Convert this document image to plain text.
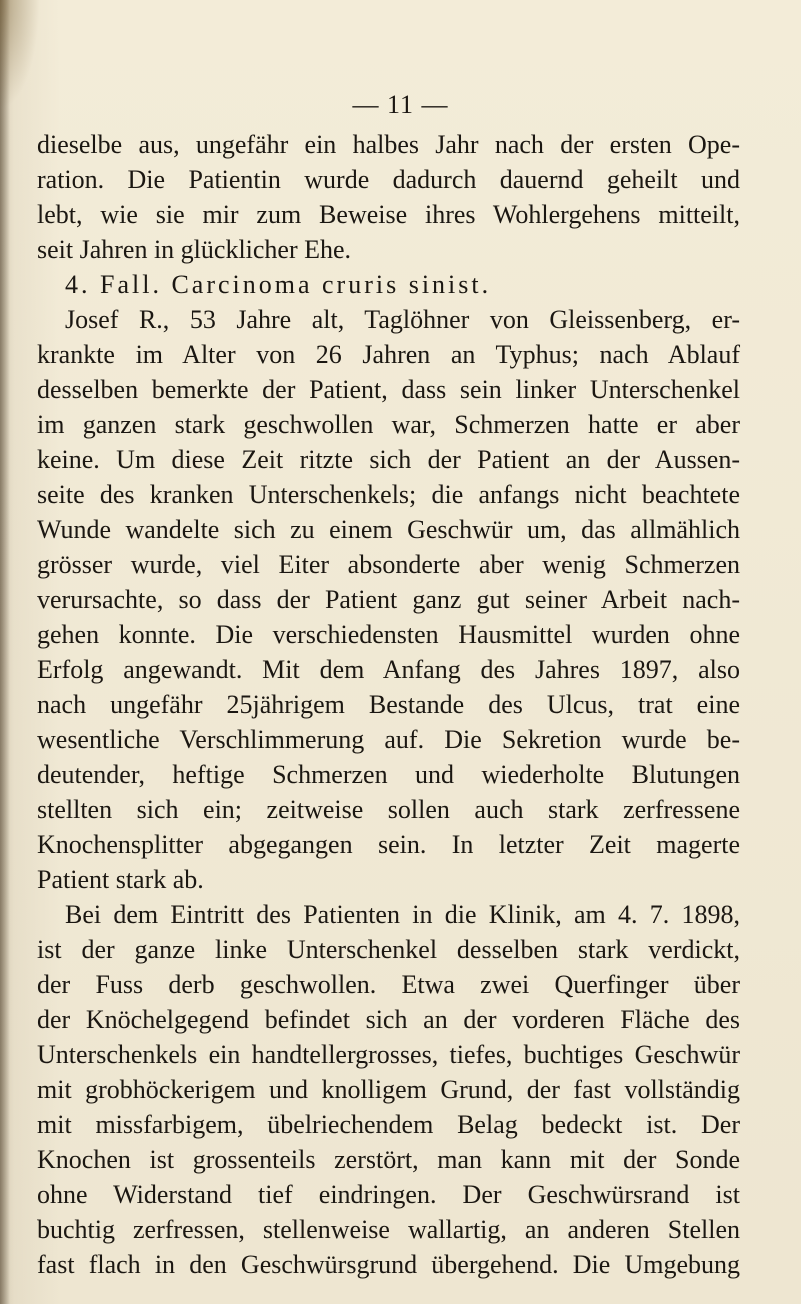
— 11 —
dieselbe aus, ungefähr ein halbes Jahr nach der ersten Ope-
ration. Die Patientin wurde dadurch dauernd geheilt und
lebt, wie sie mir zum Beweise ihres Wohlergehens mitteilt,
seit Jahren in glücklicher Ehe.
4. Fall. Carcinoma cruris sinist.
Josef R., 53 Jahre alt, Taglöhner von Gleissenberg, er-
krankte im Alter von 26 Jahren an Typhus; nach Ablauf
desselben bemerkte der Patient, dass sein linker Unterschenkel
im ganzen stark geschwollen war, Schmerzen hatte er aber
keine. Um diese Zeit ritzte sich der Patient an der Aussen-
seite des kranken Unterschenkels; die anfangs nicht beachtete
Wunde wandelte sich zu einem Geschwür um, das allmählich
grösser wurde, viel Eiter absonderte aber wenig Schmerzen
verursachte, so dass der Patient ganz gut seiner Arbeit nach-
gehen konnte. Die verschiedensten Hausmittel wurden ohne
Erfolg angewandt. Mit dem Anfang des Jahres 1897, also
nach ungefähr 25jährigem Bestande des Ulcus, trat eine
wesentliche Verschlimmerung auf. Die Sekretion wurde be-
deutender, heftige Schmerzen und wiederholte Blutungen
stellten sich ein; zeitweise sollen auch stark zerfressene
Knochensplitter abgegangen sein. In letzter Zeit magerte
Patient stark ab.
Bei dem Eintritt des Patienten in die Klinik, am 4. 7. 1898,
ist der ganze linke Unterschenkel desselben stark verdickt,
der Fuss derb geschwollen. Etwa zwei Querfinger über
der Knöchelgegend befindet sich an der vorderen Fläche des
Unterschenkels ein handtellergrosses, tiefes, buchtiges Geschwür
mit grobhöckerigem und knolligem Grund, der fast vollständig
mit missfarbigem, übelriechendem Belag bedeckt ist. Der
Knochen ist grossenteils zerstört, man kann mit der Sonde
ohne Widerstand tief eindringen. Der Geschwürsrand ist
buchtig zerfressen, stellenweise wallartig, an anderen Stellen
fast flach in den Geschwürsgrund übergehend. Die Umgebung
